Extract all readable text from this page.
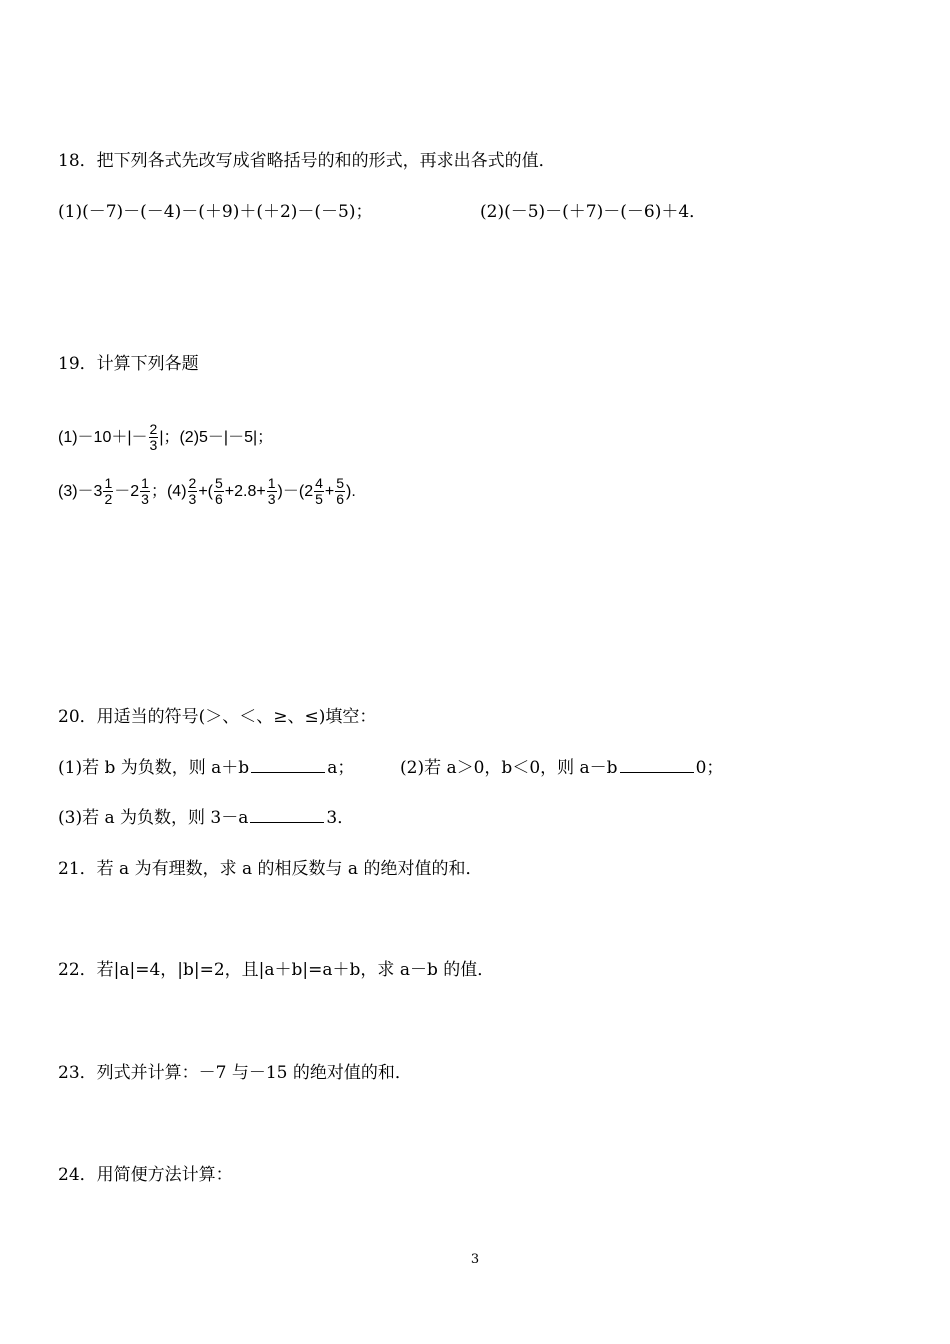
18．把下列各式先改写成省略括号的和的形式，再求出各式的值．
(1)(－7)－(－4)－(＋9)＋(＋2)－(－5)；	(2)(－5)－(＋7)－(－6)＋4．
19．计算下列各题
$(1)-10+|- \frac{2}{3}$ |；(2)5－|－5|；
$(3)-3 \frac{1}{2} -2 \frac{1}{3}$ ；$(4) \frac{2}{3}$ +( $\frac{5}{6} +2.8+ \frac{1}{3} )-(2 \frac{4}{5} + \frac{5}{6}$ ).
20．用适当的符号(＞、＜、≥、≤)填空：
(1)若 b 为负数，则 a＋b	a；	(2)若 a＞0，b＜0，则 a－b	0；
(3)若 a 为负数，则 3－a	3．
21．若 a 为有理数，求 a 的相反数与 a 的绝对值的和．
22．若|a|=4，|b|=2，且|a＋b|=a＋b，求 a－b 的值．
23．列式并计算：－7 与－15 的绝对值的和．
24．用简便方法计算：
3
